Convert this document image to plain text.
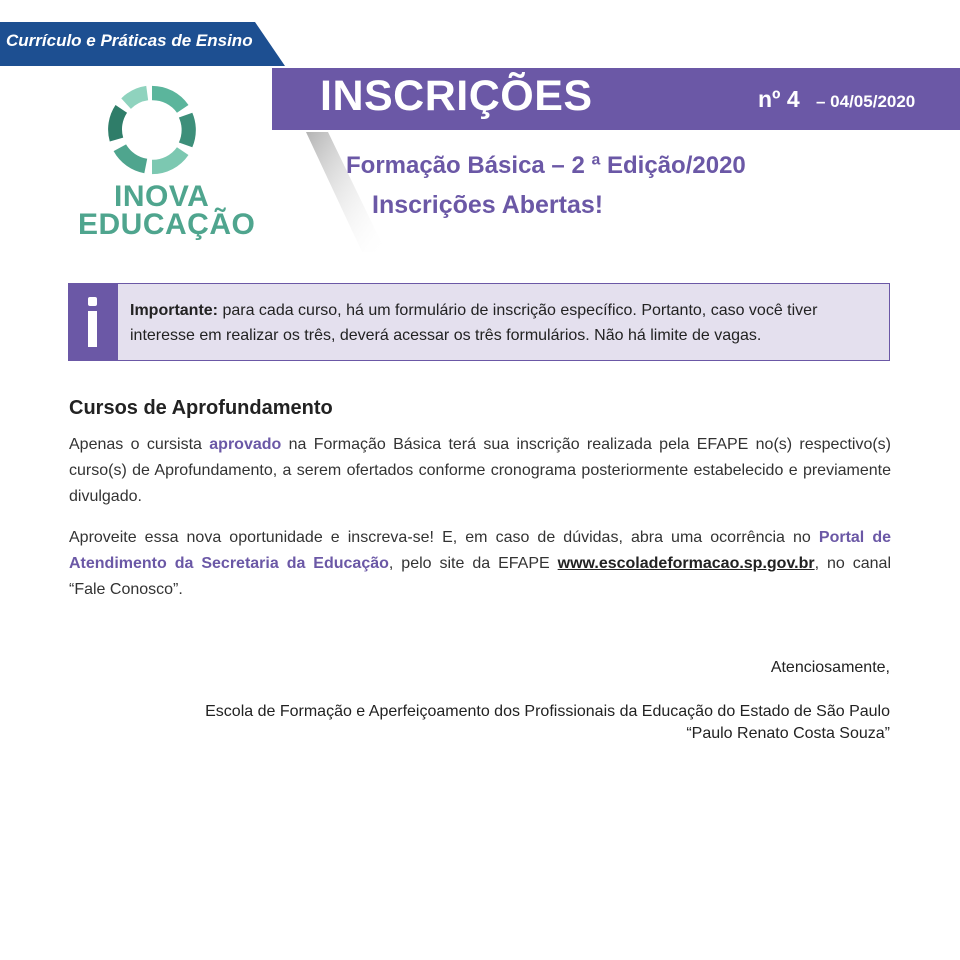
Currículo e Práticas de Ensino
INSCRIÇÕES	nº 4 – 04/05/2020
INOVA
EDUCAÇÃO
Formação Básica – 2 ª Edição/2020
Inscrições Abertas!
Importante: para cada curso, há um formulário de inscrição específico. Portanto, caso você tiver interesse em realizar os três, deverá acessar os três formulários. Não há limite de vagas.
Cursos de Aprofundamento
Apenas o cursista aprovado na Formação Básica terá sua inscrição realizada pela EFAPE no(s) respectivo(s) curso(s) de Aprofundamento, a serem ofertados conforme cronograma posteriormente estabelecido e previamente divulgado.
Aproveite essa nova oportunidade e inscreva-se! E, em caso de dúvidas, abra uma ocorrência no Portal de Atendimento da Secretaria da Educação, pelo site da EFAPE www.escoladeformacao.sp.gov.br, no canal “Fale Conosco”.
Atenciosamente,
Escola de Formação e Aperfeiçoamento dos Profissionais da Educação do Estado de São Paulo
“Paulo Renato Costa Souza”
